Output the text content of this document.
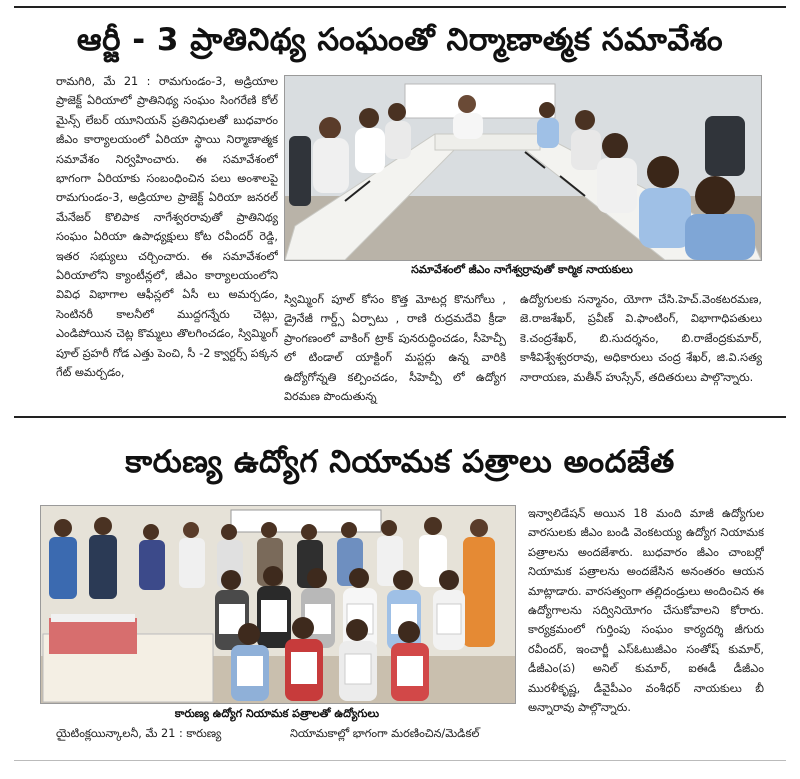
ఆర్జీ - 3 ప్రాతినిథ్య సంఘంతో నిర్మాణాత్మక సమావేశం

రామగిరి, మే 21 : రామగుండం-3, అడ్రియాల ప్రాజెక్ట్ ఏరియాలో ప్రాతినిథ్య సంఘం సింగరేణి కోల్ మైన్స్ లేబర్ యూనియన్ ప్రతినిధులతో బుధవారం జీఎం కార్యాలయంలో ఏరియా స్థాయి నిర్మాణాత్మక సమావేశం నిర్వహించారు. ఈ సమావేశంలో భాగంగా ఏరియాకు సంబంధించిన పలు అంశాలపై రామగుండం-3, అడ్రియాల ప్రాజెక్ట్ ఏరియా జనరల్ మేనేజర్ కొలిపాక నాగేశ్వరరావుతో ప్రాతినిథ్య సంఘం ఏరియా ఉపాధ్యక్షులు కోట రవీందర్ రెడ్డి, ఇతర సభ్యులు చర్చించారు. ఈ సమావేశంలో ఏరియాలోని క్యాంటీన్లలో, జీఎం కార్యాలయంలోని వివిధ విభాగాల ఆఫీస్లలో ఏసీ లు అమర్చడం, సెంటినరీ కాలనీలో ముద్దగన్నేరు చెట్లు, ఎండిపోయిన చెట్ల కొమ్మలు తొలగించడం, స్విమ్మింగ్ పూల్ ప్రహరీ గోడ ఎత్తు పెంచి, సీ -2 క్వార్టర్స్ పక్కన గేట్ అమర్చడం,

సమావేశంలో జీఎం నాగేశ్వర్రావుతో కార్మిక నాయకులు

స్విమ్మింగ్ పూల్ కోసం కొత్త మోటర్ల కొనుగోలు , డ్రైనేజీ గార్డ్స్ ఏర్పాటు , రాణి రుద్రమదేవి క్రీడా ప్రాంగణంలో వాకింగ్ ట్రాక్ పునరుద్ధించడం, సీహెచ్పీ లో టిండాల్ యాక్టింగ్ మస్టర్లు ఉన్న వారికి ఉద్యోగోన్నతి కల్పించడం, సీహెచ్పీ లో ఉద్యోగ విరమణ పొందుతున్న

ఉద్యోగులకు సన్మానం, యోగా చేసి.హెచ్.వెంకటరమణ, జె.రాజశేఖర్, ప్రవీణ్ వి.ఫాంటింగ్, విభాగాధిపతులు కె.చంద్రశేఖర్, బి.సుదర్శనం, బి.రాజేంద్రకుమార్, కాశీవిశ్వేశ్వరరావు, అధికారులు చంద్ర శేఖర్, జి.వి.సత్య నారాయణ, మతీన్ హుస్సేన్, తదితరులు పాల్గొన్నారు.

కారుణ్య ఉద్యోగ నియామక పత్రాలు అందజేత
కారుణ్య ఉద్యోగ నియామక పత్రాలతో ఉద్యోగులు

యైటింక్లయిన్కాలనీ, మే 21 : కారుణ్య	నియామకాల్లో భాగంగా మరణించిన/మెడికల్

ఇన్వాలిడేషన్ అయిన 18 మంది మాజీ ఉద్యోగుల వారసులకు జీఎం బండి వెంకటయ్య ఉద్యోగ నియామక పత్రాలను అందజేశారు. బుధవారం జీఎం చాంబర్లో నియామక పత్రాలను అందజేసిన అనంతరం ఆయన మాట్లాడారు. వారసత్వంగా తల్లిదండ్రులు అందించిన ఈ ఉద్యోగాలను సద్వినియోగం చేసుకోవాలని కోరారు. కార్యక్రమంలో గుర్తింపు సంఘం కార్యదర్శి జీగురు రవీందర్, ఇంచార్జీ ఎస్ఓటుజీఎం సంతోష్ కుమార్, డీజీఎం(ప) అనిల్ కుమార్, ఐఈడీ డీజీఎం మురళీకృష్ణ, డీవైపీఎం వంశీధర్ నాయకులు బీ అన్నారావు పాల్గొన్నారు.
